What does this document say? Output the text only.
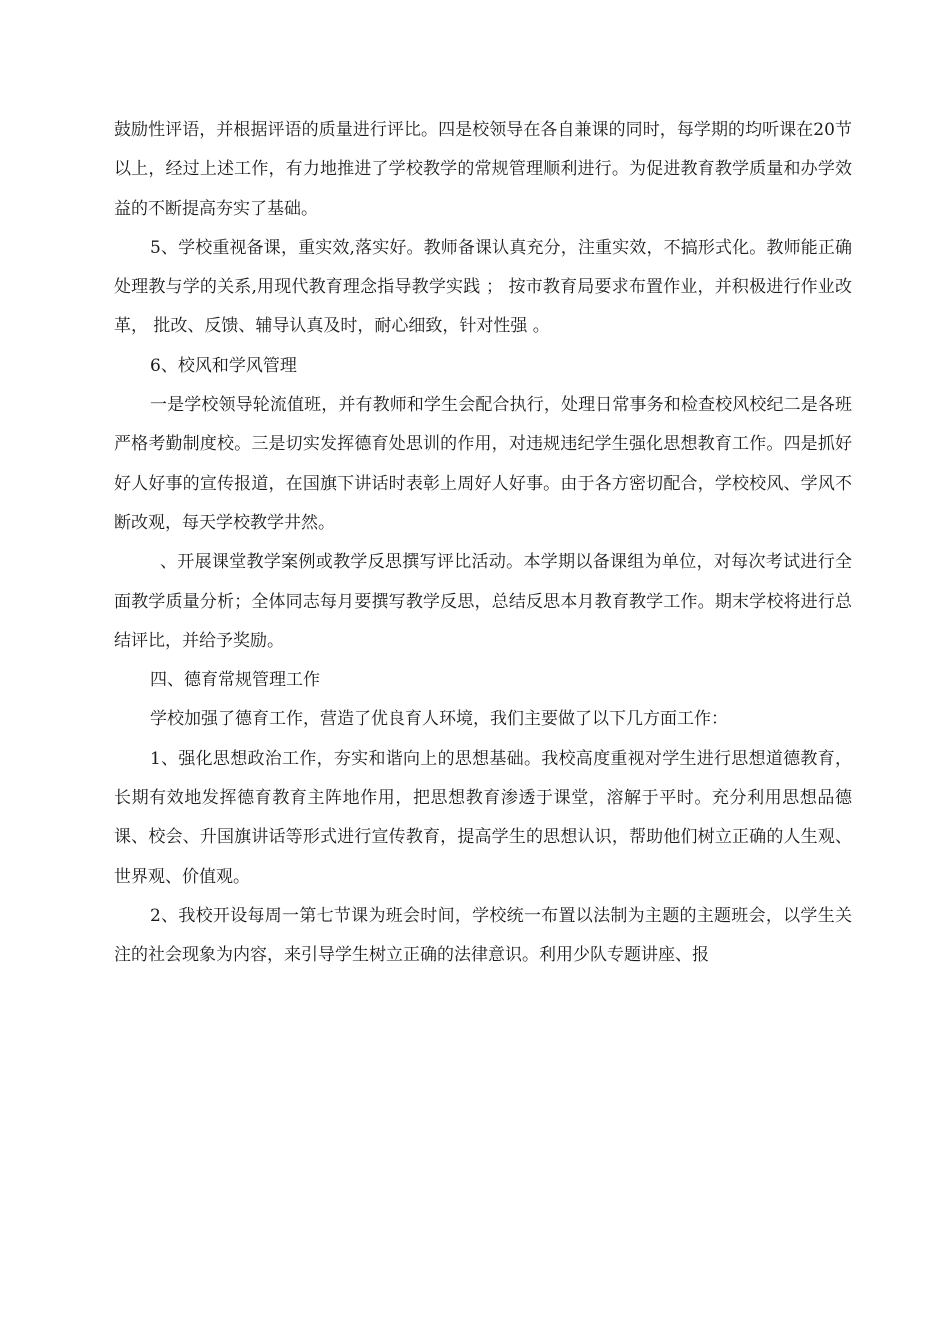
鼓励性评语，并根据评语的质量进行评比。四是校领导在各自兼课的同时，每学期的均听课在20节以上，经过上述工作，有力地推进了学校教学的常规管理顺利进行。为促进教育教学质量和办学效益的不断提高夯实了基础。

5、学校重视备课，重实效,落实好。教师备课认真充分，注重实效，不搞形式化。教师能正确处理教与学的关系,用现代教育理念指导教学实践 ； 按市教育局要求布置作业，并积极进行作业改革， 批改、反馈、辅导认真及时，耐心细致，针对性强 。

6、校风和学风管理

一是学校领导轮流值班，并有教师和学生会配合执行，处理日常事务和检查校风校纪二是各班严格考勤制度校。三是切实发挥德育处思训的作用，对违规违纪学生强化思想教育工作。四是抓好好人好事的宣传报道，在国旗下讲话时表彰上周好人好事。由于各方密切配合，学校校风、学风不断改观，每天学校教学井然。

、开展课堂教学案例或教学反思撰写评比活动。本学期以备课组为单位，对每次考试进行全面教学质量分析；全体同志每月要撰写教学反思，总结反思本月教育教学工作。期末学校将进行总结评比，并给予奖励。

四、德育常规管理工作

学校加强了德育工作，营造了优良育人环境，我们主要做了以下几方面工作：

1、强化思想政治工作，夯实和谐向上的思想基础。我校高度重视对学生进行思想道德教育，长期有效地发挥德育教育主阵地作用，把思想教育渗透于课堂，溶解于平时。充分利用思想品德课、校会、升国旗讲话等形式进行宣传教育，提高学生的思想认识，帮助他们树立正确的人生观、世界观、价值观。

2、我校开设每周一第七节课为班会时间，学校统一布置以法制为主题的主题班会，以学生关注的社会现象为内容，来引导学生树立正确的法律意识。利用少队专题讲座、报
